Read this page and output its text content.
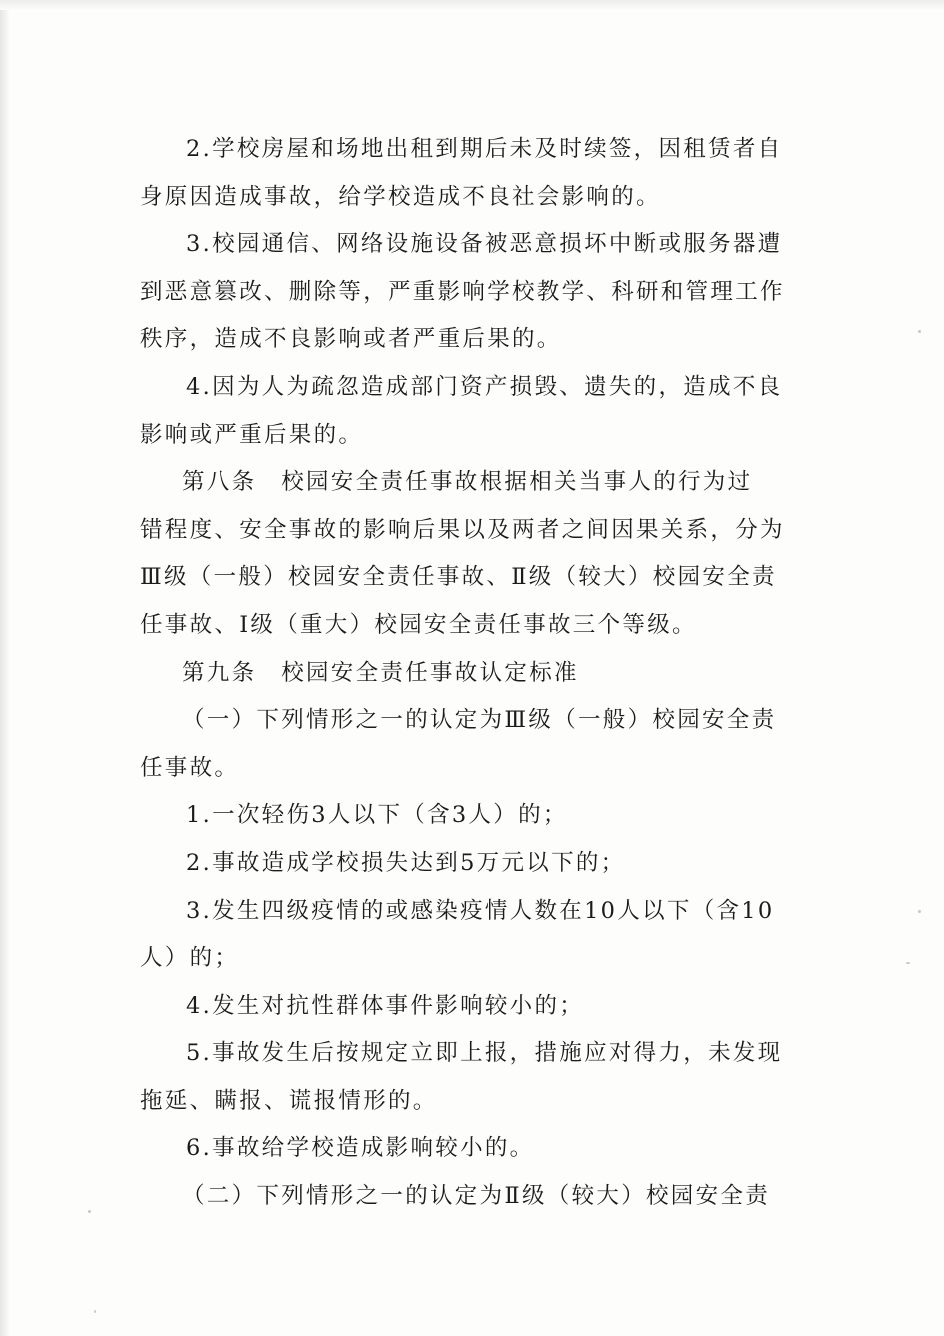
2.学校房屋和场地出租到期后未及时续签，因租赁者自
身原因造成事故，给学校造成不良社会影响的。
3.校园通信、网络设施设备被恶意损坏中断或服务器遭
到恶意篡改、删除等，严重影响学校教学、科研和管理工作
秩序，造成不良影响或者严重后果的。
4.因为人为疏忽造成部门资产损毁、遗失的，造成不良
影响或严重后果的。
第八条　校园安全责任事故根据相关当事人的行为过
错程度、安全事故的影响后果以及两者之间因果关系，分为
Ⅲ级（一般）校园安全责任事故、Ⅱ级（较大）校园安全责
任事故、Ⅰ级（重大）校园安全责任事故三个等级。
第九条　校园安全责任事故认定标准
（一）下列情形之一的认定为Ⅲ级（一般）校园安全责
任事故。
1.一次轻伤3人以下（含3人）的；
2.事故造成学校损失达到5万元以下的；
3.发生四级疫情的或感染疫情人数在10人以下（含10
人）的；
4.发生对抗性群体事件影响较小的；
5.事故发生后按规定立即上报，措施应对得力，未发现
拖延、瞒报、谎报情形的。
6.事故给学校造成影响较小的。
（二）下列情形之一的认定为Ⅱ级（较大）校园安全责
